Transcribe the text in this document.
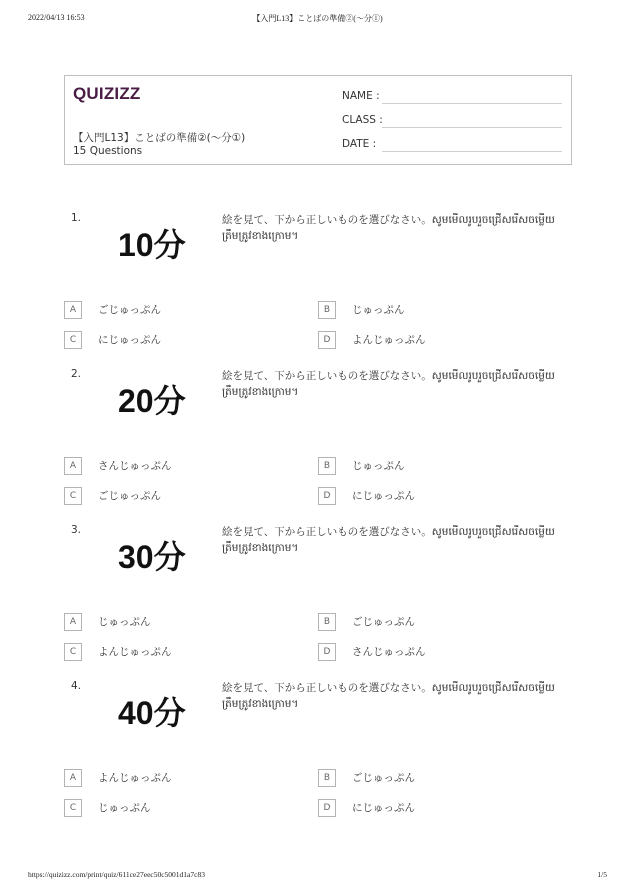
2022/04/13 16:53	【入門L13】ことばの準備②(〜分①)
QUIZIZZ
【入門L13】ことばの準備②(〜分①)
15 Questions
NAME :
CLASS :
DATE :
1.
10分
絵を見て、下から正しいものを選びなさい。សូមមើលរូបរួចជ្រើសរើសចម្លើយត្រឹមត្រូវខាងក្រោម។
A	ごじゅっぷん	B	じゅっぷん
C	にじゅっぷん	D	よんじゅっぷん
2.
20分
絵を見て、下から正しいものを選びなさい。សូមមើលរូបរួចជ្រើសរើសចម្លើយត្រឹមត្រូវខាងក្រោម។
A	さんじゅっぷん	B	じゅっぷん
C	ごじゅっぷん	D	にじゅっぷん
3.
30分
絵を見て、下から正しいものを選びなさい。សូមមើលរូបរួចជ្រើសរើសចម្លើយត្រឹមត្រូវខាងក្រោម។
A	じゅっぷん	B	ごじゅっぷん
C	よんじゅっぷん	D	さんじゅっぷん
4.
40分
絵を見て、下から正しいものを選びなさい。សូមមើលរូបរួចជ្រើសរើសចម្លើយត្រឹមត្រូវខាងក្រោម។
A	よんじゅっぷん	B	ごじゅっぷん
C	じゅっぷん	D	にじゅっぷん
https://quizizz.com/print/quiz/611ce27eec50c5001d1a7c83	1/5
